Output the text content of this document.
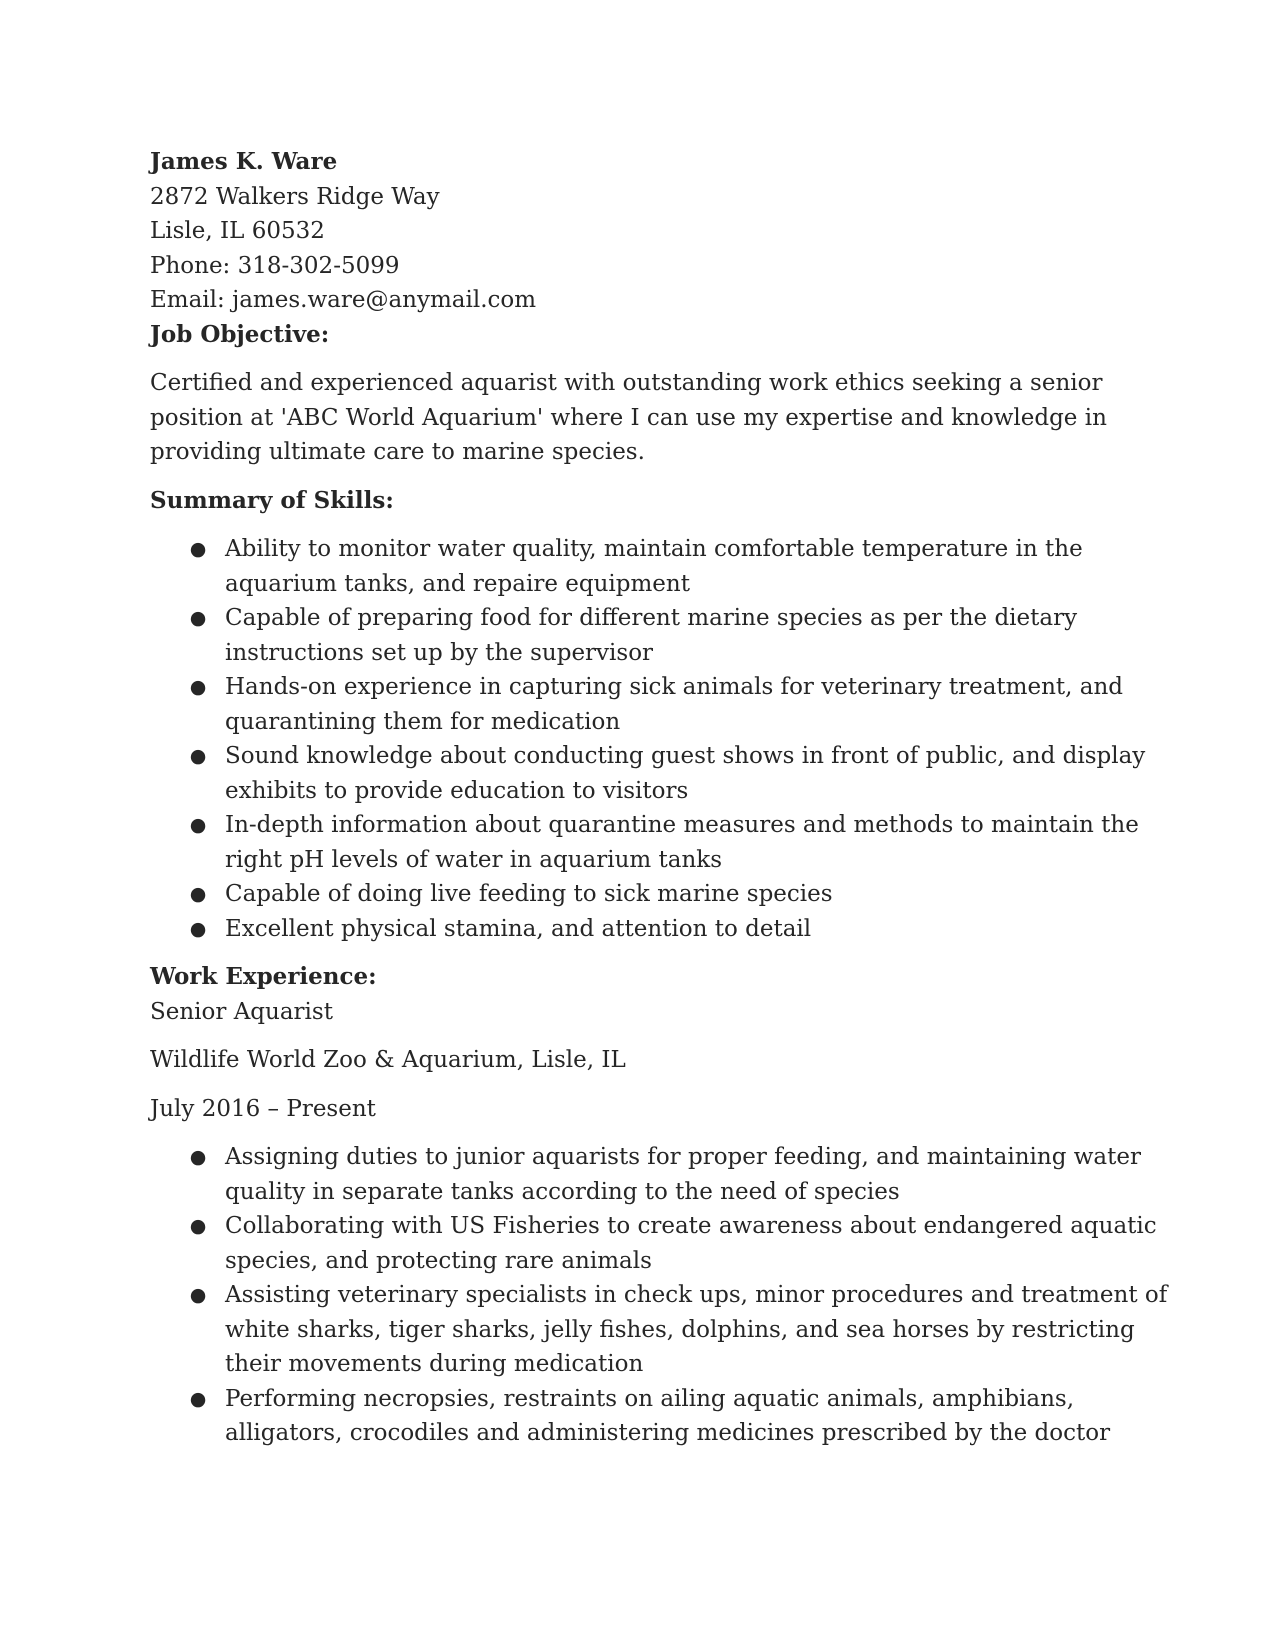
James K. Ware
2872 Walkers Ridge Way
Lisle, IL 60532
Phone: 318-302-5099
Email: james.ware@anymail.com
Job Objective:
Certified and experienced aquarist with outstanding work ethics seeking a senior
position at 'ABC World Aquarium' where I can use my expertise and knowledge in
providing ultimate care to marine species.
Summary of Skills:
● Ability to monitor water quality, maintain comfortable temperature in the
aquarium tanks, and repaire equipment
● Capable of preparing food for different marine species as per the dietary
instructions set up by the supervisor
● Hands-on experience in capturing sick animals for veterinary treatment, and
quarantining them for medication
● Sound knowledge about conducting guest shows in front of public, and display
exhibits to provide education to visitors
● In-depth information about quarantine measures and methods to maintain the
right pH levels of water in aquarium tanks
● Capable of doing live feeding to sick marine species
● Excellent physical stamina, and attention to detail
Work Experience:
Senior Aquarist
Wildlife World Zoo & Aquarium, Lisle, IL
July 2016 – Present
● Assigning duties to junior aquarists for proper feeding, and maintaining water
quality in separate tanks according to the need of species
● Collaborating with US Fisheries to create awareness about endangered aquatic
species, and protecting rare animals
● Assisting veterinary specialists in check ups, minor procedures and treatment of
white sharks, tiger sharks, jelly fishes, dolphins, and sea horses by restricting
their movements during medication
● Performing necropsies, restraints on ailing aquatic animals, amphibians,
alligators, crocodiles and administering medicines prescribed by the doctor
